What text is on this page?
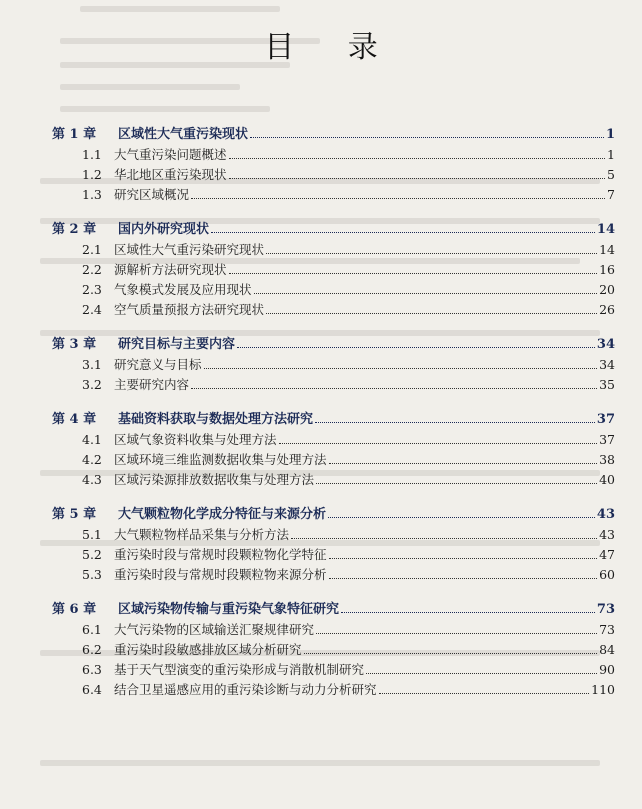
目 录
第 1 章	区域性大气重污染现状	1
1.1 大气重污染问题概述	1
1.2 华北地区重污染现状	5
1.3 研究区域概况	7
第 2 章	国内外研究现状	14
2.1 区域性大气重污染研究现状	14
2.2 源解析方法研究现状	16
2.3 气象模式发展及应用现状	20
2.4 空气质量预报方法研究现状	26
第 3 章	研究目标与主要内容	34
3.1 研究意义与目标	34
3.2 主要研究内容	35
第 4 章	基础资料获取与数据处理方法研究	37
4.1 区域气象资料收集与处理方法	37
4.2 区域环境三维监测数据收集与处理方法	38
4.3 区域污染源排放数据收集与处理方法	40
第 5 章	大气颗粒物化学成分特征与来源分析	43
5.1 大气颗粒物样品采集与分析方法	43
5.2 重污染时段与常规时段颗粒物化学特征	47
5.3 重污染时段与常规时段颗粒物来源分析	60
第 6 章	区域污染物传输与重污染气象特征研究	73
6.1 大气污染物的区域输送汇聚规律研究	73
6.2 重污染时段敏感排放区域分析研究	84
6.3 基于天气型演变的重污染形成与消散机制研究	90
6.4 结合卫星遥感应用的重污染诊断与动力分析研究	110
